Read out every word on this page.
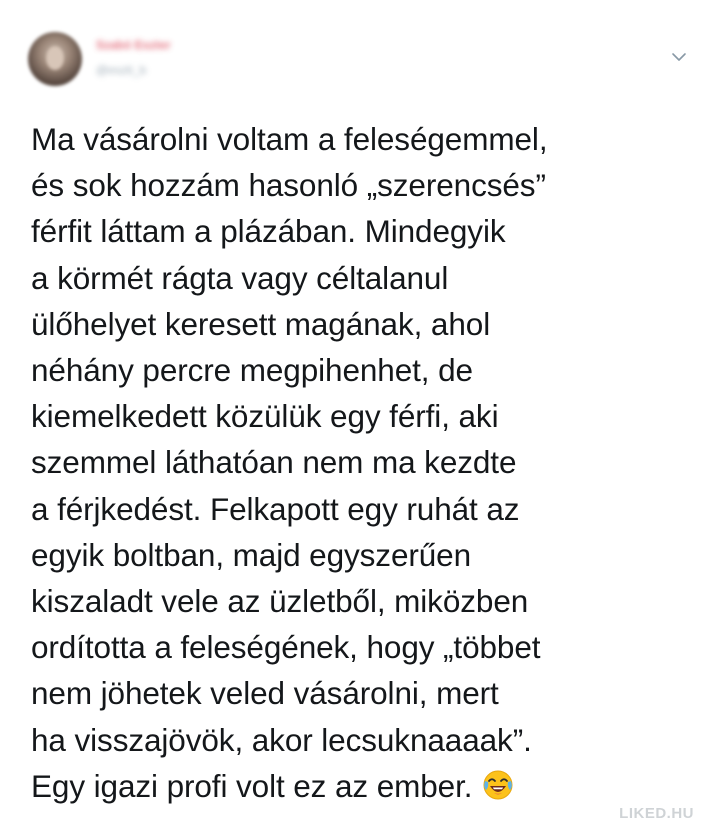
Szabó Eszter
@eszti_b
Ma vásárolni voltam a feleségemmel,
és sok hozzám hasonló „szerencsés”
férfit láttam a plázában. Mindegyik
a körmét rágta vagy céltalanul
ülőhelyet keresett magának, ahol
néhány percre megpihenhet, de
kiemelkedett közülük egy férfi, aki
szemmel láthatóan nem ma kezdte
a férjkedést. Felkapott egy ruhát az
egyik boltban, majd egyszerűen
kiszaladt vele az üzletből, miközben
ordította a feleségének, hogy „többet
nem jöhetek veled vásárolni, mert
ha visszajövök, akor lecsuknaaaak”.
Egy igazi profi volt ez az ember.
LIKED.HU
